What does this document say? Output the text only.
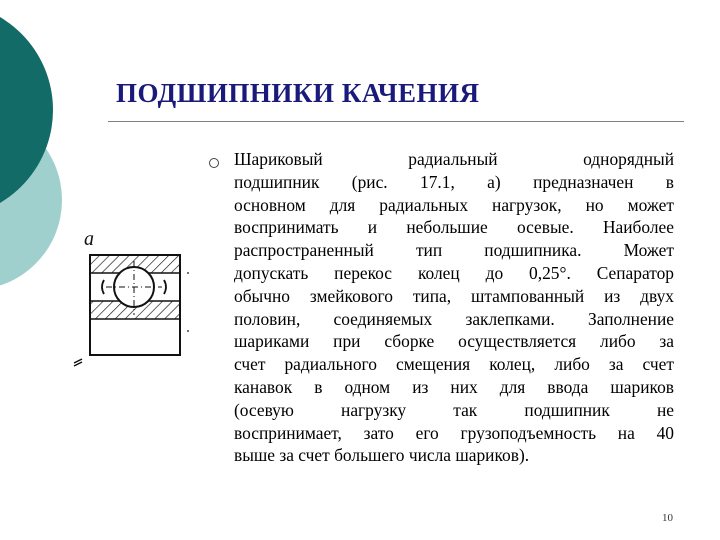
ПОДШИПНИКИ КАЧЕНИЯ
Шариковый радиальный однорядный
подшипник (рис. 17.1, а) предназначен в
основном для радиальных нагрузок, но может
воспринимать и небольшие осевые. Наиболее
распространенный тип подшипника. Может
допускать перекос колец до 0,25°. Сепаратор
обычно змейкового типа, штампованный из двух
половин, соединяемых заклепками. Заполнение
шариками при сборке осуществляется либо за
счет радиального смещения колец, либо за счет
канавок в одном из них для ввода шариков
(осевую нагрузку так подшипник не
воспринимает, зато его грузоподъемность на 40
выше за счет большего числа шариков).
a
10
